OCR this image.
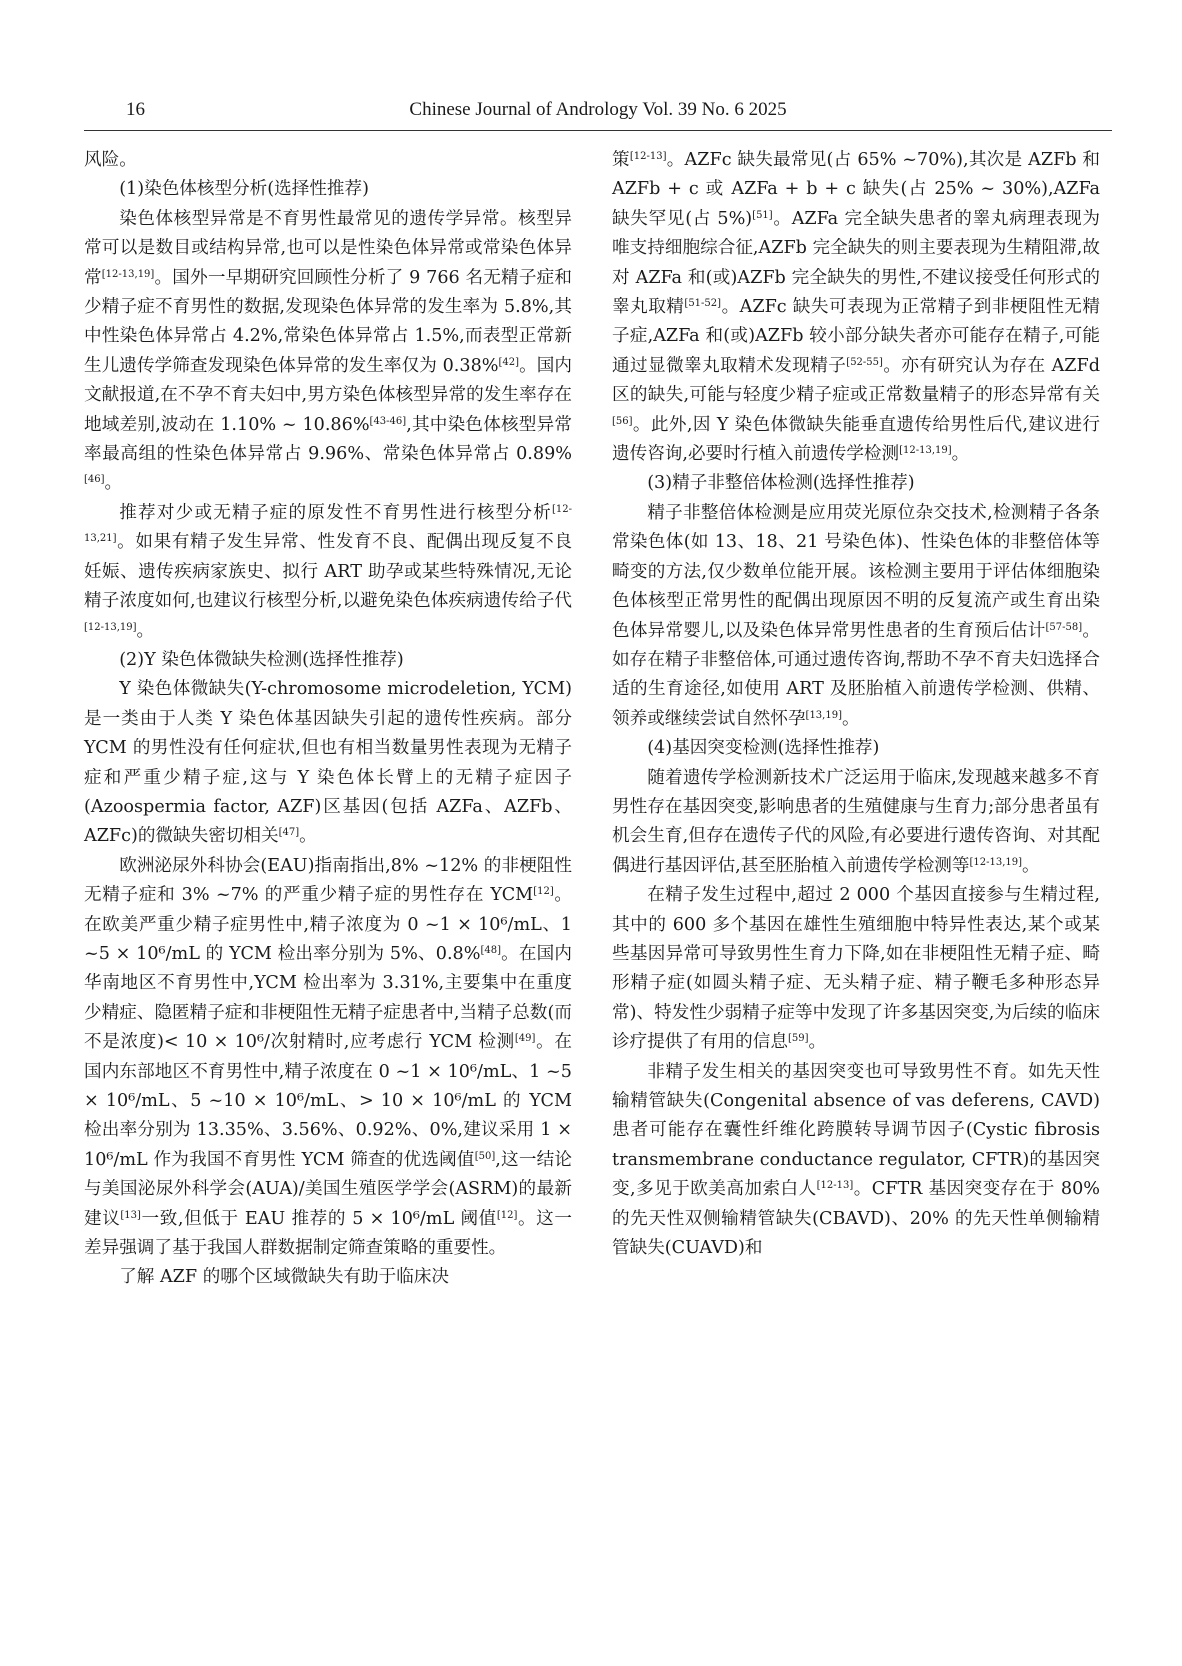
16	Chinese Journal of Andrology Vol. 39 No. 6 2025

风险。

(1)染色体核型分析(选择性推荐)

染色体核型异常是不育男性最常见的遗传学异常。核型异常可以是数目或结构异常,也可以是性染色体异常或常染色体异常[12-13,19]。国外一早期研究回顾性分析了 9 766 名无精子症和少精子症不育男性的数据,发现染色体异常的发生率为 5.8%,其中性染色体异常占 4.2%,常染色体异常占 1.5%,而表型正常新生儿遗传学筛查发现染色体异常的发生率仅为 0.38%[42]。国内文献报道,在不孕不育夫妇中,男方染色体核型异常的发生率存在地域差别,波动在 1.10% ~ 10.86%[43-46],其中染色体核型异常率最高组的性染色体异常占 9.96%、常染色体异常占 0.89%[46]。

推荐对少或无精子症的原发性不育男性进行核型分析[12-13,21]。如果有精子发生异常、性发育不良、配偶出现反复不良妊娠、遗传疾病家族史、拟行 ART 助孕或某些特殊情况,无论精子浓度如何,也建议行核型分析,以避免染色体疾病遗传给子代[12-13,19]。

(2)Y 染色体微缺失检测(选择性推荐)

Y 染色体微缺失(Y-chromosome microdeletion, YCM)是一类由于人类 Y 染色体基因缺失引起的遗传性疾病。部分 YCM 的男性没有任何症状,但也有相当数量男性表现为无精子症和严重少精子症,这与 Y 染色体长臂上的无精子症因子(Azoospermia factor, AZF)区基因(包括 AZFa、AZFb、AZFc)的微缺失密切相关[47]。

欧洲泌尿外科协会(EAU)指南指出,8% ~12% 的非梗阻性无精子症和 3% ~7% 的严重少精子症的男性存在 YCM[12]。在欧美严重少精子症男性中,精子浓度为 0 ~1 × 10⁶/mL、1 ~5 × 10⁶/mL 的 YCM 检出率分别为 5%、0.8%[48]。在国内华南地区不育男性中,YCM 检出率为 3.31%,主要集中在重度少精症、隐匿精子症和非梗阻性无精子症患者中,当精子总数(而不是浓度)< 10 × 10⁶/次射精时,应考虑行 YCM 检测[49]。在国内东部地区不育男性中,精子浓度在 0 ~1 × 10⁶/mL、1 ~5 × 10⁶/mL、5 ~10 × 10⁶/mL、> 10 × 10⁶/mL 的 YCM 检出率分别为 13.35%、3.56%、0.92%、0%,建议采用 1 × 10⁶/mL 作为我国不育男性 YCM 筛查的优选阈值[50],这一结论与美国泌尿外科学会(AUA)/美国生殖医学学会(ASRM)的最新建议[13]一致,但低于 EAU 推荐的 5 × 10⁶/mL 阈值[12]。这一差异强调了基于我国人群数据制定筛查策略的重要性。

了解 AZF 的哪个区域微缺失有助于临床决

策[12-13]。AZFc 缺失最常见(占 65% ~70%),其次是 AZFb 和 AZFb + c 或 AZFa + b + c 缺失(占 25% ~ 30%),AZFa 缺失罕见(占 5%)[51]。AZFa 完全缺失患者的睾丸病理表现为唯支持细胞综合征,AZFb 完全缺失的则主要表现为生精阻滞,故对 AZFa 和(或)AZFb 完全缺失的男性,不建议接受任何形式的睾丸取精[51-52]。AZFc 缺失可表现为正常精子到非梗阻性无精子症,AZFa 和(或)AZFb 较小部分缺失者亦可能存在精子,可能通过显微睾丸取精术发现精子[52-55]。亦有研究认为存在 AZFd 区的缺失,可能与轻度少精子症或正常数量精子的形态异常有关[56]。此外,因 Y 染色体微缺失能垂直遗传给男性后代,建议进行遗传咨询,必要时行植入前遗传学检测[12-13,19]。

(3)精子非整倍体检测(选择性推荐)

精子非整倍体检测是应用荧光原位杂交技术,检测精子各条常染色体(如 13、18、21 号染色体)、性染色体的非整倍体等畸变的方法,仅少数单位能开展。该检测主要用于评估体细胞染色体核型正常男性的配偶出现原因不明的反复流产或生育出染色体异常婴儿,以及染色体异常男性患者的生育预后估计[57-58]。如存在精子非整倍体,可通过遗传咨询,帮助不孕不育夫妇选择合适的生育途径,如使用 ART 及胚胎植入前遗传学检测、供精、领养或继续尝试自然怀孕[13,19]。

(4)基因突变检测(选择性推荐)

随着遗传学检测新技术广泛运用于临床,发现越来越多不育男性存在基因突变,影响患者的生殖健康与生育力;部分患者虽有机会生育,但存在遗传子代的风险,有必要进行遗传咨询、对其配偶进行基因评估,甚至胚胎植入前遗传学检测等[12-13,19]。

在精子发生过程中,超过 2 000 个基因直接参与生精过程,其中的 600 多个基因在雄性生殖细胞中特异性表达,某个或某些基因异常可导致男性生育力下降,如在非梗阻性无精子症、畸形精子症(如圆头精子症、无头精子症、精子鞭毛多种形态异常)、特发性少弱精子症等中发现了许多基因突变,为后续的临床诊疗提供了有用的信息[59]。

非精子发生相关的基因突变也可导致男性不育。如先天性输精管缺失(Congenital absence of vas deferens, CAVD)患者可能存在囊性纤维化跨膜转导调节因子(Cystic fibrosis transmembrane conductance regulator, CFTR)的基因突变,多见于欧美高加索白人[12-13]。CFTR 基因突变存在于 80% 的先天性双侧输精管缺失(CBAVD)、20% 的先天性单侧输精管缺失(CUAVD)和
